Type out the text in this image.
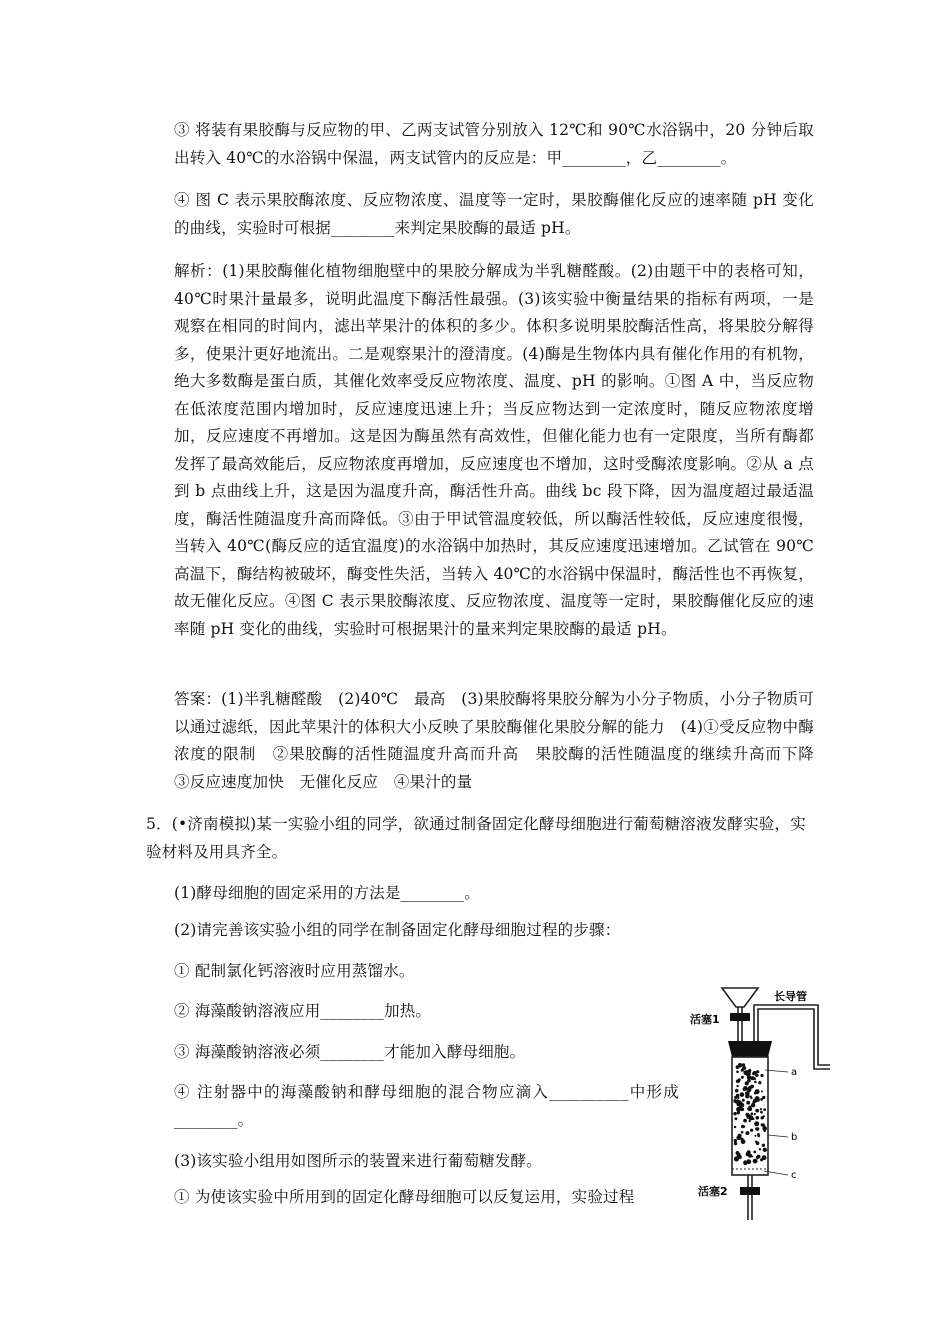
③ 将装有果胶酶与反应物的甲、乙两支试管分别放入 12℃和 90℃水浴锅中，20 分钟后取出转入 40℃的水浴锅中保温，两支试管内的反应是：甲________，乙________。

④ 图 C 表示果胶酶浓度、反应物浓度、温度等一定时，果胶酶催化反应的速率随 pH 变化的曲线，实验时可根据________来判定果胶酶的最适 pH。

解析：(1)果胶酶催化植物细胞壁中的果胶分解成为半乳糖醛酸。(2)由题干中的表格可知，40℃时果汁量最多，说明此温度下酶活性最强。(3)该实验中衡量结果的指标有两项，一是观察在相同的时间内，滤出苹果汁的体积的多少。体积多说明果胶酶活性高，将果胶分解得多，使果汁更好地流出。二是观察果汁的澄清度。(4)酶是生物体内具有催化作用的有机物，绝大多数酶是蛋白质，其催化效率受反应物浓度、温度、pH 的影响。①图 A 中，当反应物在低浓度范围内增加时，反应速度迅速上升；当反应物达到一定浓度时，随反应物浓度增加，反应速度不再增加。这是因为酶虽然有高效性，但催化能力也有一定限度，当所有酶都发挥了最高效能后，反应物浓度再增加，反应速度也不增加，这时受酶浓度影响。②从 a 点到 b 点曲线上升，这是因为温度升高，酶活性升高。曲线 bc 段下降，因为温度超过最适温度，酶活性随温度升高而降低。③由于甲试管温度较低，所以酶活性较低，反应速度很慢，当转入 40℃(酶反应的适宜温度)的水浴锅中加热时，其反应速度迅速增加。乙试管在 90℃高温下，酶结构被破坏，酶变性失活，当转入 40℃的水浴锅中保温时，酶活性也不再恢复，故无催化反应。④图 C 表示果胶酶浓度、反应物浓度、温度等一定时，果胶酶催化反应的速率随 pH 变化的曲线，实验时可根据果汁的量来判定果胶酶的最适 pH。

答案：(1)半乳糖醛酸　(2)40℃　最高　(3)果胶酶将果胶分解为小分子物质，小分子物质可以通过滤纸，因此苹果汁的体积大小反映了果胶酶催化果胶分解的能力　(4)①受反应物中酶浓度的限制　②果胶酶的活性随温度升高而升高　果胶酶的活性随温度的继续升高而下降　③反应速度加快　无催化反应　④果汁的量

5．(•济南模拟)某一实验小组的同学，欲通过制备固定化酵母细胞进行葡萄糖溶液发酵实验，实验材料及用具齐全。

(1)酵母细胞的固定采用的方法是________。

(2)请完善该实验小组的同学在制备固定化酵母细胞过程的步骤：

① 配制氯化钙溶液时应用蒸馏水。

② 海藻酸钠溶液应用________加热。

③ 海藻酸钠溶液必须________才能加入酵母细胞。

④ 注射器中的海藻酸钠和酵母细胞的混合物应滴入__________中形成________。

(3)该实验小组用如图所示的装置来进行葡萄糖发酵。

① 为使该实验中所用到的固定化酵母细胞可以反复运用，实验过程

长导管
活塞1
a
b
c
活塞2
